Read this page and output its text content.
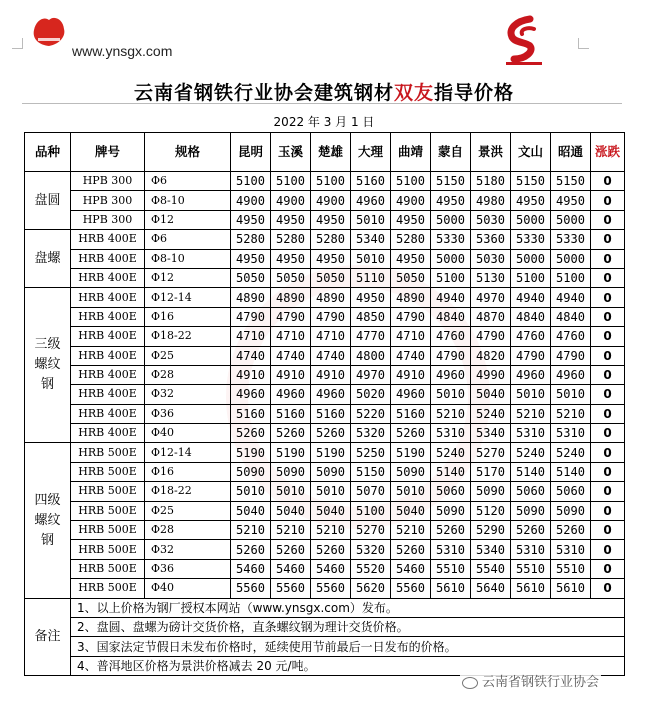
www.ynsgx.com
云南省钢铁行业协会建筑钢材双友指导价格
2022 年 3 月 1 日
品种	牌号	规格	昆明	玉溪	楚雄	大理	曲靖	蒙自	景洪	文山	昭通	涨跌
盘圆	HPB 300	Φ6	5100	5100	5100	5160	5100	5150	5180	5150	5150	0
	HPB 300	Φ8-10	4900	4900	4900	4960	4900	4950	4980	4950	4950	0
	HPB 300	Φ12	4950	4950	4950	5010	4950	5000	5030	5000	5000	0
盘螺	HRB 400E	Φ6	5280	5280	5280	5340	5280	5330	5360	5330	5330	0
	HRB 400E	Φ8-10	4950	4950	4950	5010	4950	5000	5030	5000	5000	0
	HRB 400E	Φ12	5050	5050	5050	5110	5050	5100	5130	5100	5100	0
三级螺纹钢	HRB 400E	Φ12-14	4890	4890	4890	4950	4890	4940	4970	4940	4940	0
	HRB 400E	Φ16	4790	4790	4790	4850	4790	4840	4870	4840	4840	0
	HRB 400E	Φ18-22	4710	4710	4710	4770	4710	4760	4790	4760	4760	0
	HRB 400E	Φ25	4740	4740	4740	4800	4740	4790	4820	4790	4790	0
	HRB 400E	Φ28	4910	4910	4910	4970	4910	4960	4990	4960	4960	0
	HRB 400E	Φ32	4960	4960	4960	5020	4960	5010	5040	5010	5010	0
	HRB 400E	Φ36	5160	5160	5160	5220	5160	5210	5240	5210	5210	0
	HRB 400E	Φ40	5260	5260	5260	5320	5260	5310	5340	5310	5310	0
四级螺纹钢	HRB 500E	Φ12-14	5190	5190	5190	5250	5190	5240	5270	5240	5240	0
	HRB 500E	Φ16	5090	5090	5090	5150	5090	5140	5170	5140	5140	0
	HRB 500E	Φ18-22	5010	5010	5010	5070	5010	5060	5090	5060	5060	0
	HRB 500E	Φ25	5040	5040	5040	5100	5040	5090	5120	5090	5090	0
	HRB 500E	Φ28	5210	5210	5210	5270	5210	5260	5290	5260	5260	0
	HRB 500E	Φ32	5260	5260	5260	5320	5260	5310	5340	5310	5310	0
	HRB 500E	Φ36	5460	5460	5460	5520	5460	5510	5540	5510	5510	0
	HRB 500E	Φ40	5560	5560	5560	5620	5560	5610	5640	5610	5610	0
备注	1、以上价格为钢厂授权本网站（www.ynsgx.com）发布。											
	2、盘圆、盘螺为磅计交货价格，直条螺纹钢为理计交货价格。											
	3、国家法定节假日未发布价格时，延续使用节前最后一日发布的价格。											
	4、普洱地区价格为景洪价格减去 20 元/吨。											
云南省钢铁行业协会
